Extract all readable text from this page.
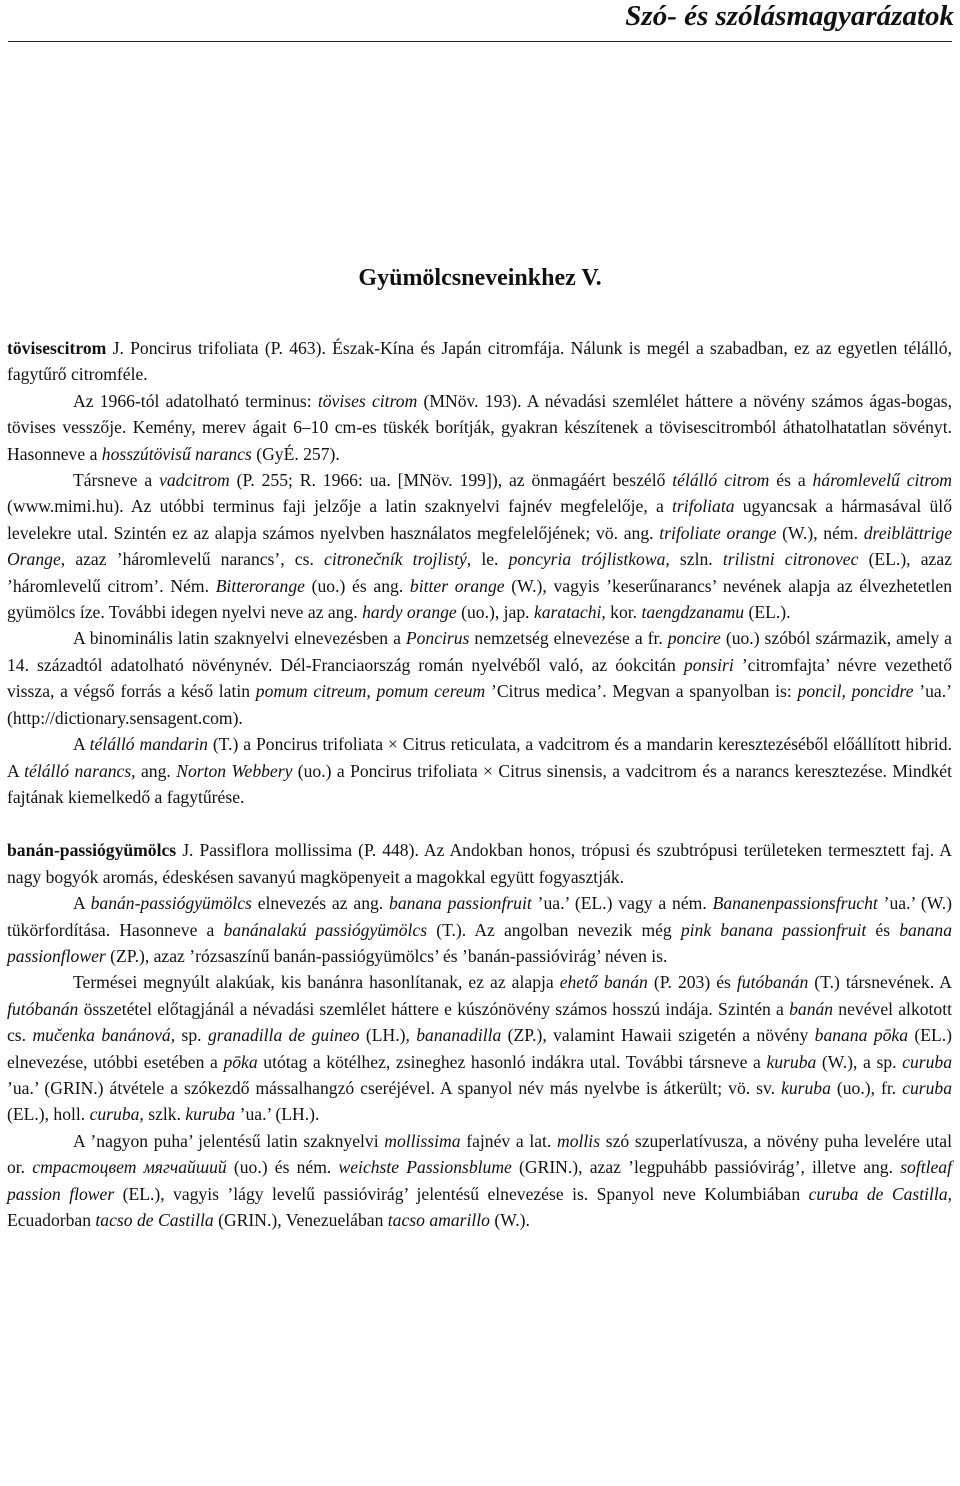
Szó- és szólásmagyarázatok
Gyümölcsneveinkhez V.

tövisescitrom J. Poncirus trifoliata (P. 463). Észak-Kína és Japán citromfája. Nálunk is megél a szabadban, ez az egyetlen télálló, fagytűrő citromféle.

Az 1966-tól adatolható terminus: tövises citrom (MNöv. 193). A névadási szemlélet háttere a növény számos ágas-bogas, tövises vesszője. Kemény, merev ágait 6–10 cm-es tüskék borítják, gyakran készítenek a tövisescitromból áthatolhatatlan sövényt. Hasonneve a hosszútövisű narancs (GyÉ. 257).

Társneve a vadcitrom (P. 255; R. 1966: ua. [MNöv. 199]), az önmagáért beszélő télálló citrom és a háromlevelű citrom (www.mimi.hu). Az utóbbi terminus faji jelzője a latin szaknyelvi fajnév megfelelője, a trifoliata ugyancsak a hármasával ülő levelekre utal. Szintén ez az alapja számos nyelvben használatos megfelelőjének; vö. ang. trifoliate orange (W.), ném. dreiblättrige Orange, azaz ’háromlevelű narancs’, cs. citronečník trojlistý, le. poncyria trójlistkowa, szln. trilistni citronovec (EL.), azaz ’háromlevelű citrom’. Ném. Bitterorange (uo.) és ang. bitter orange (W.), vagyis ’keserűnarancs’ nevének alapja az élvezhetetlen gyümölcs íze. További idegen nyelvi neve az ang. hardy orange (uo.), jap. karatachi, kor. taengdzanamu (EL.).

A binominális latin szaknyelvi elnevezésben a Poncirus nemzetség elnevezése a fr. poncire (uo.) szóból származik, amely a 14. századtól adatolható növénynév. Dél-Franciaország román nyelvéből való, az óokcitán ponsiri ’citromfajta’ névre vezethető vissza, a végső forrás a késő latin pomum citreum, pomum cereum ’Citrus medica’. Megvan a spanyolban is: poncil, poncidre ’ua.’ (http://dictionary.sensagent.com).

A télálló mandarin (T.) a Poncirus trifoliata × Citrus reticulata, a vadcitrom és a mandarin keresztezéséből előállított hibrid. A télálló narancs, ang. Norton Webbery (uo.) a Poncirus trifoliata × Citrus sinensis, a vadcitrom és a narancs keresztezése. Mindkét fajtának kiemelkedő a fagytűrése.

banán-passiógyümölcs J. Passiflora mollissima (P. 448). Az Andokban honos, trópusi és szubtrópusi területeken termesztett faj. A nagy bogyók aromás, édeskésen savanyú magköpenyeit a magokkal együtt fogyasztják.

A banán-passiógyümölcs elnevezés az ang. banana passionfruit ’ua.’ (EL.) vagy a ném. Bananenpassionsfrucht ’ua.’ (W.) tükörfordítása. Hasonneve a banánalakú passiógyümölcs (T.). Az angolban nevezik még pink banana passionfruit és banana passionflower (ZP.), azaz ’rózsaszínű banán-passiógyümölcs’ és ’banán-passióvirág’ néven is.

Termései megnyúlt alakúak, kis banánra hasonlítanak, ez az alapja ehető banán (P. 203) és futóbanán (T.) társnevének. A futóbanán összetétel előtagjánál a névadási szemlélet háttere e kúszónövény számos hosszú indája. Szintén a banán nevével alkotott cs. mučenka banánová, sp. granadilla de guineo (LH.), bananadilla (ZP.), valamint Hawaii szigetén a növény banana pōka (EL.) elnevezése, utóbbi esetében a pōka utótag a kötélhez, zsineghez hasonló indákra utal. További társneve a kuruba (W.), a sp. curuba ’ua.’ (GRIN.) átvétele a szókezdő mássalhangzó cseréjével. A spanyol név más nyelvbe is átkerült; vö. sv. kuruba (uo.), fr. curuba (EL.), holl. curuba, szlk. kuruba ’ua.’ (LH.).

A ’nagyon puha’ jelentésű latin szaknyelvi mollissima fajnév a lat. mollis szó szuperlatívusza, a növény puha levelére utal or. страстоцвет мягчайший (uo.) és ném. weichste Passionsblume (GRIN.), azaz ’legpuhább passióvirág’, illetve ang. softleaf passion flower (EL.), vagyis ’lágy levelű passióvirág’ jelentésű elnevezése is. Spanyol neve Kolumbiában curuba de Castilla, Ecuadorban tacso de Castilla (GRIN.), Venezuelában tacso amarillo (W.).
